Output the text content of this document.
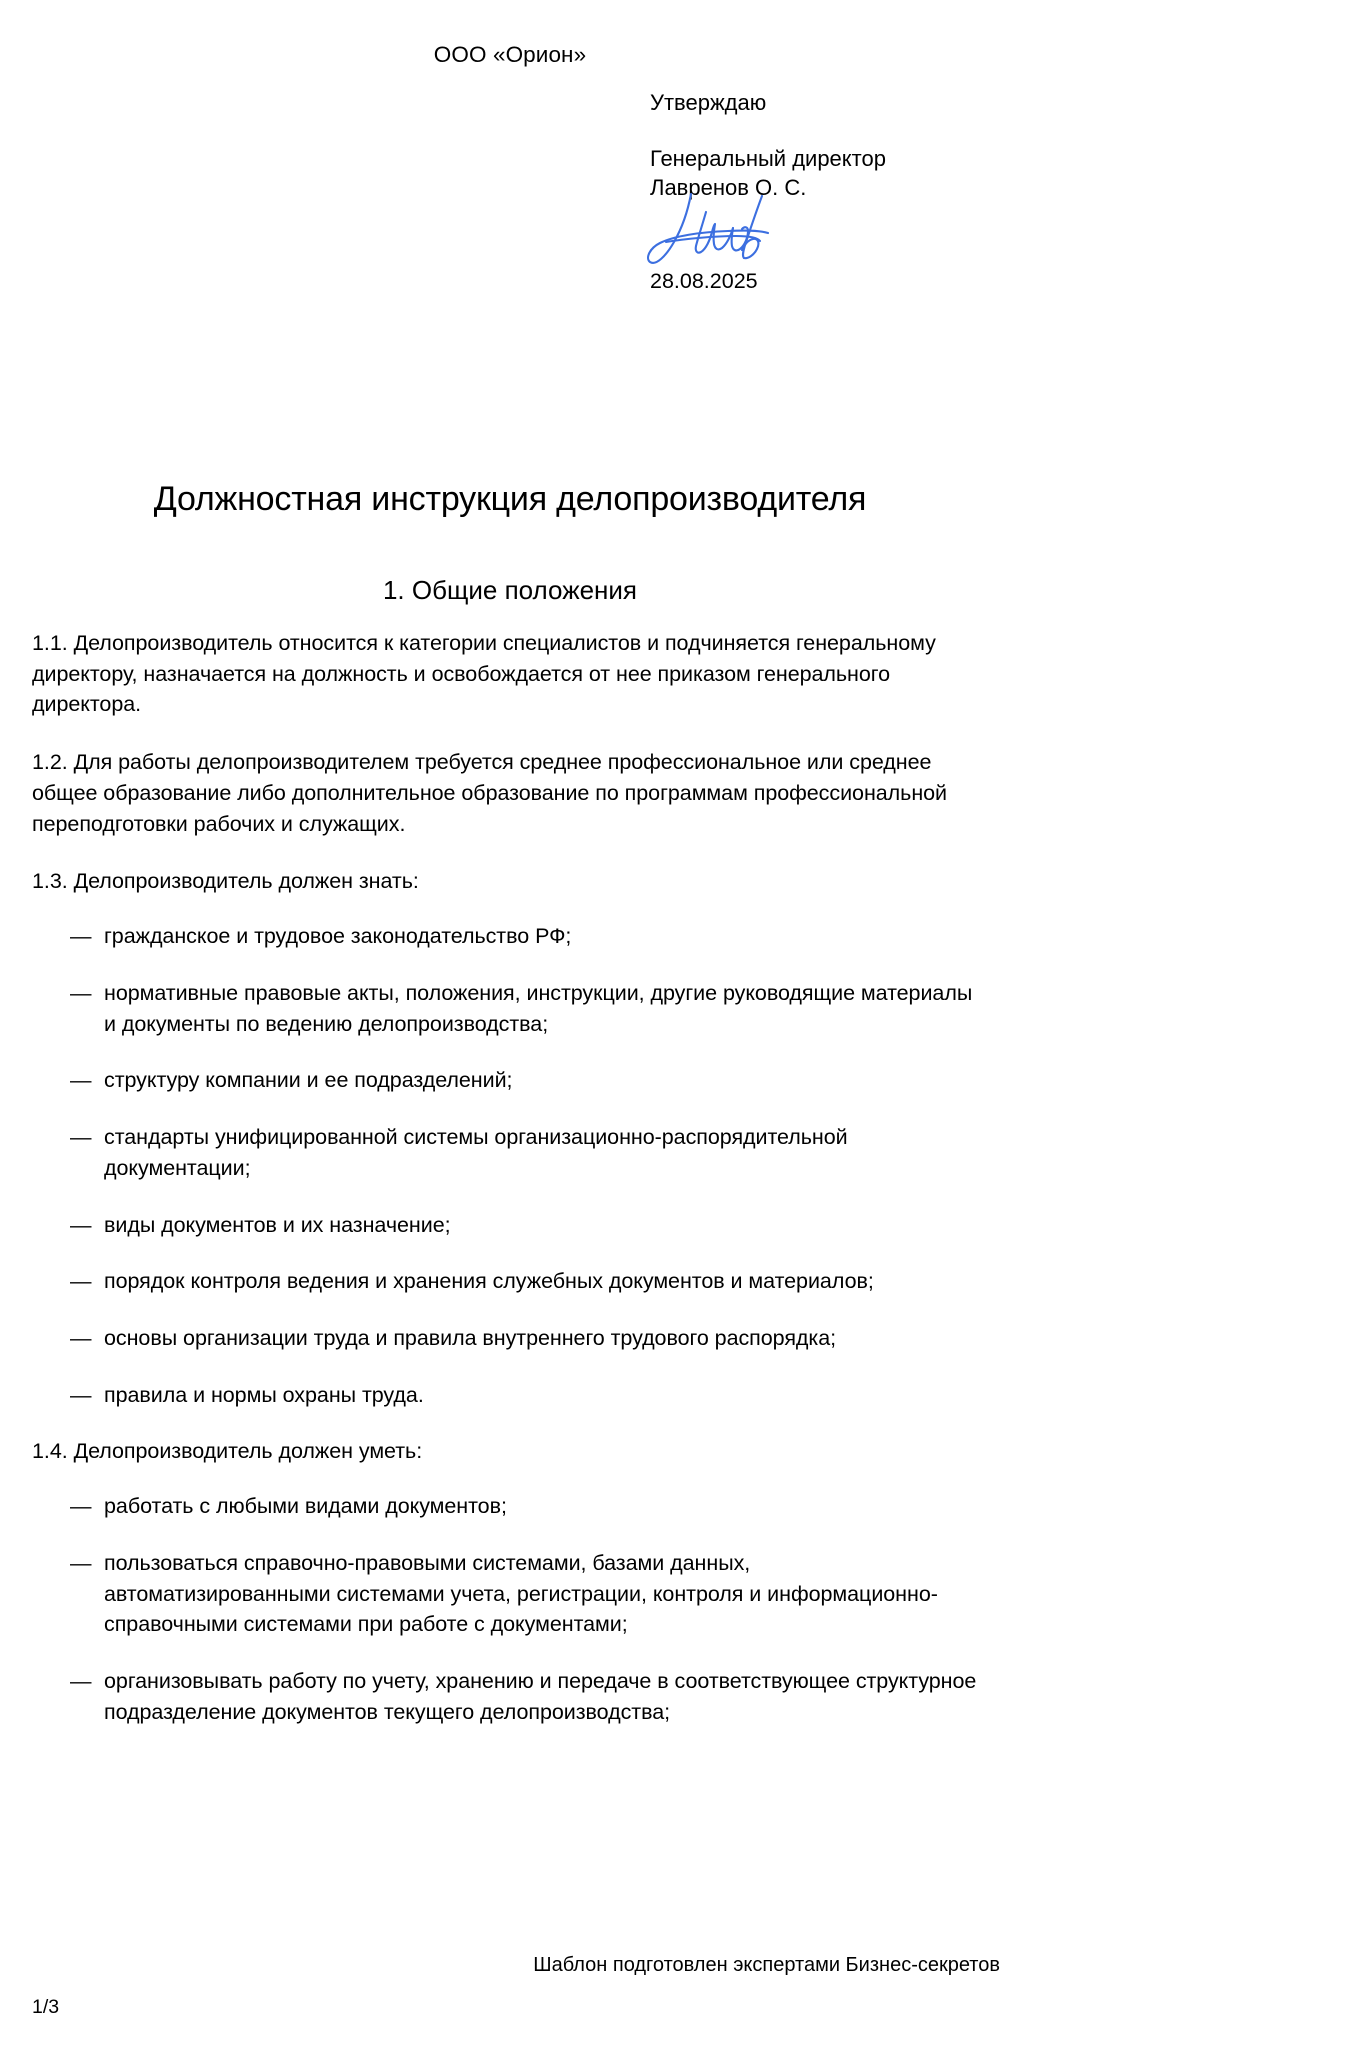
ООО «Орион»
Утверждаю
Генеральный директор
Лавренов О. С.
28.08.2025
Должностная инструкция делопроизводителя
1. Общие положения

1.1. Делопроизводитель относится к категории специалистов и подчиняется генеральному директору, назначается на должность и освобождается от нее приказом генерального директора.

1.2. Для работы делопроизводителем требуется среднее профессиональное или среднее общее образование либо дополнительное образование по программам профессиональной переподготовки рабочих и служащих.

1.3. Делопроизводитель должен знать:

— гражданское и трудовое законодательство РФ;
— нормативные правовые акты, положения, инструкции, другие руководящие материалы и документы по ведению делопроизводства;
— структуру компании и ее подразделений;
— стандарты унифицированной системы организационно-распорядительной документации;
— виды документов и их назначение;
— порядок контроля ведения и хранения служебных документов и материалов;
— основы организации труда и правила внутреннего трудового распорядка;
— правила и нормы охраны труда.

1.4. Делопроизводитель должен уметь:

— работать с любыми видами документов;
— пользоваться справочно-правовыми системами, базами данных, автоматизированными системами учета, регистрации, контроля и информационно-справочными системами при работе с документами;
— организовывать работу по учету, хранению и передаче в соответствующее структурное подразделение документов текущего делопроизводства;
Шаблон подготовлен экспертами Бизнес-секретов
1/3
